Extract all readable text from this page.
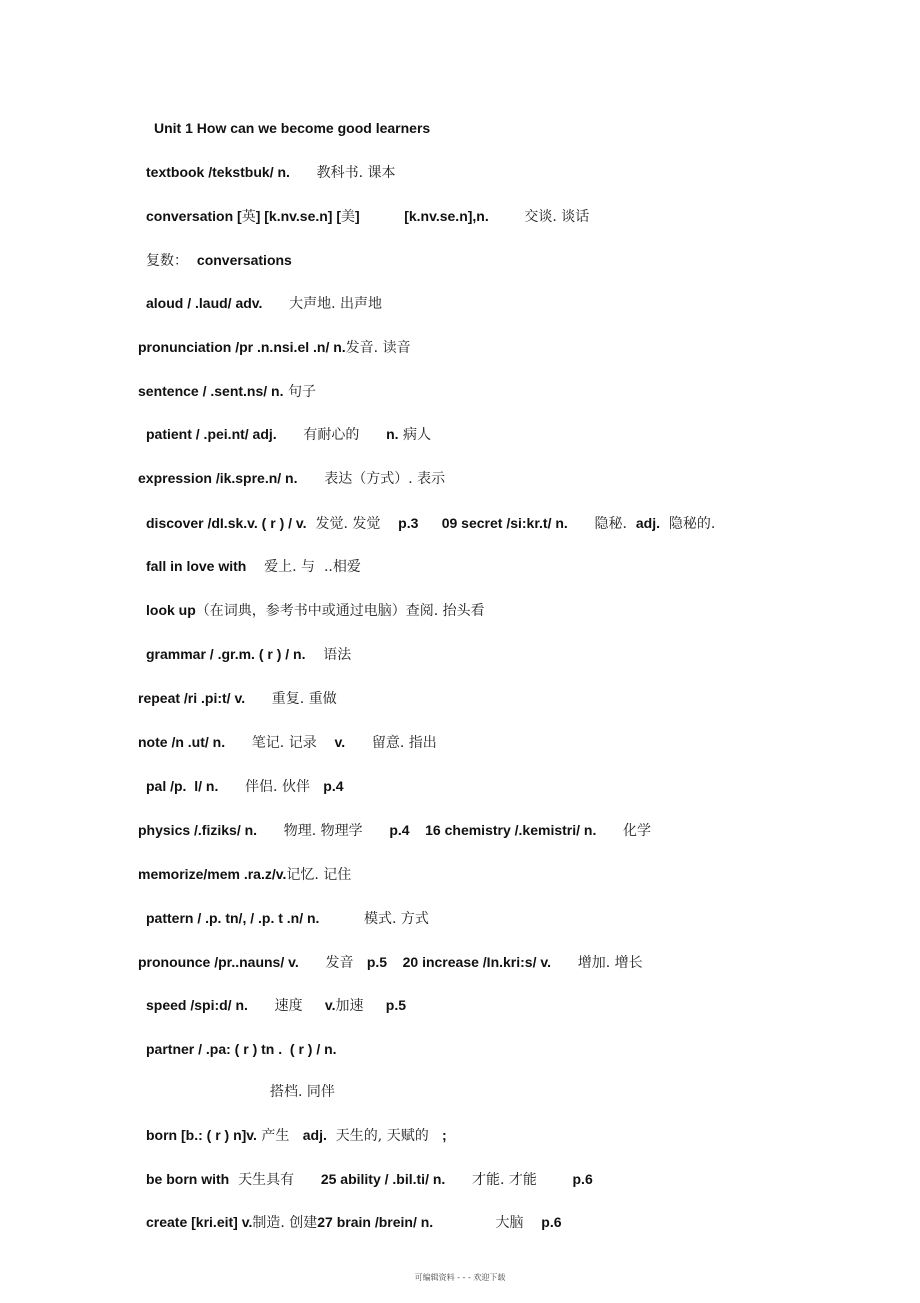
Unit 1 How can we become good learners
textbook /tekstbuk/ n.      教科书. 课本
conversation [英] [k.nv.se.n] [美]	[k.nv.se.n],n.        交谈. 谈话
复数：  conversations
aloud / .laud/ adv.      大声地. 出声地
pronunciation /pr .n.nsi.el .n/ n.发音. 读音
sentence / .sent.ns/ n. 句子
patient / .pei.nt/ adj.      有耐心的      n. 病人
expression /ik.spre.n/ n.      表达（方式）. 表示
discover /dI.sk.v. ( r ) / v.  发觉. 发觉    p.3      09 secret /si:kr.t/ n.      隐秘.  adj.  隐秘的.
fall in love with    爱上. 与  ..相爱
look up（在词典，参考书中或通过电脑）查阅. 抬头看
grammar / .gr.m. ( r ) / n.    语法
repeat /ri .pi:t/ v.      重复. 重做
note /n .ut/ n.      笔记. 记录    v.      留意. 指出
pal /p.  l/ n.      伴侣. 伙伴   p.4
physics /.fiziks/ n.      物理. 物理学      p.4    16 chemistry /.kemistri/ n.      化学
memorize/mem .ra.z/v.记忆. 记住
pattern / .p. tn/, / .p. t .n/ n.          模式. 方式
pronounce /pr..nauns/ v.      发音   p.5    20 increase /In.kri:s/ v.      增加. 增长
speed /spi:d/ n.      速度     v.加速     p.5
partner / .pa: ( r ) tn .  ( r ) / n.
搭档. 同伴
born [b.: ( r ) n]v. 产生   adj.  天生的, 天赋的   ;
be born with  天生具有      25 ability / .bil.ti/ n.      才能. 才能        p.6
create [kri.eit] v.制造. 创建27 brain /brein/ n.              大脑    p.6
可编辑资料 - - - 欢迎下载
